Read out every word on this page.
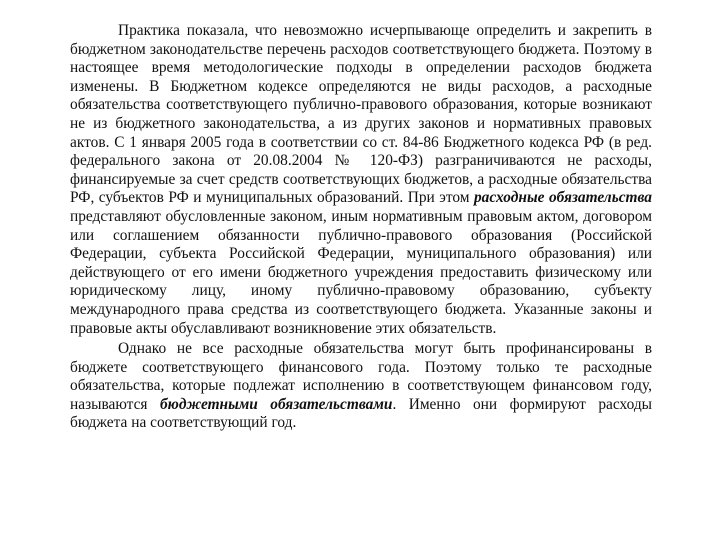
Практика показала, что невозможно исчерпывающе определить и закрепить в бюджетном законодательстве перечень расходов соответствующего бюджета. Поэтому в настоящее время методологические подходы в определении расходов бюджета изменены. В Бюджетном кодексе определяются не виды расходов, а расходные обязательства соответствующего публично-правового образования, которые возникают не из бюджетного законодательства, а из других законов и нормативных правовых актов. С 1 января 2005 года в соответствии со ст. 84-86 Бюджетного кодекса РФ (в ред. федерального закона от 20.08.2004 № 120-ФЗ) разграничиваются не расходы, финансируемые за счет средств соответствующих бюджетов, а расходные обязательства РФ, субъектов РФ и муниципальных образований. При этом расходные обязательства представляют обусловленные законом, иным нормативным правовым актом, договором или соглашением обязанности публично-правового образования (Российской Федерации, субъекта Российской Федерации, муниципального образования) или действующего от его имени бюджетного учреждения предоставить физическому или юридическому лицу, иному публично-правовому образованию, субъекту международного права средства из соответствующего бюджета. Указанные законы и правовые акты обуславливают возникновение этих обязательств.

Однако не все расходные обязательства могут быть профинансированы в бюджете соответствующего финансового года. Поэтому только те расходные обязательства, которые подлежат исполнению в соответствующем финансовом году, называются бюджетными обязательствами. Именно они формируют расходы бюджета на соответствующий год.
